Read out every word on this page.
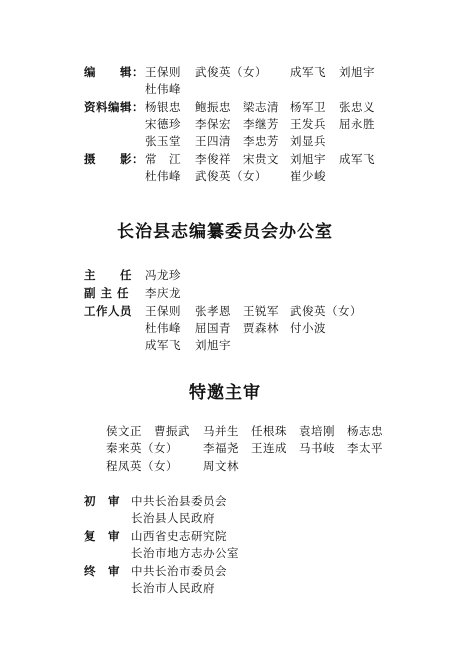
编　　辑： 王保则 武俊英（女） 成军飞 刘旭宇
杜伟峰
资料编辑： 杨银忠 鲍振忠 梁志清 杨军卫 张忠义
宋德珍 李保宏 李继芳 王发兵 屈永胜
张玉堂 王四清 李忠芳 刘显兵
摄　　影： 常　江 李俊祥 宋贵文 刘旭宇 成军飞
杜伟峰 武俊英（女） 崔少峻
长治县志编纂委员会办公室
主　　任 冯龙珍
副 主 任 李庆龙
工作人员 王保则 张孝恩 王锐军 武俊英（女）
杜伟峰 屈国青 贾森林 付小波
成军飞 刘旭宇
特邀主审
侯文正 曹振武 马并生 任根珠 袁培刚 杨志忠
秦来英（女） 李福尧 王连成 马书岐 李太平
程凤英（女） 周文林
初　审 中共长治县委员会
长治县人民政府
复　审 山西省史志研究院
长治市地方志办公室
终　审 中共长治市委员会
长治市人民政府
